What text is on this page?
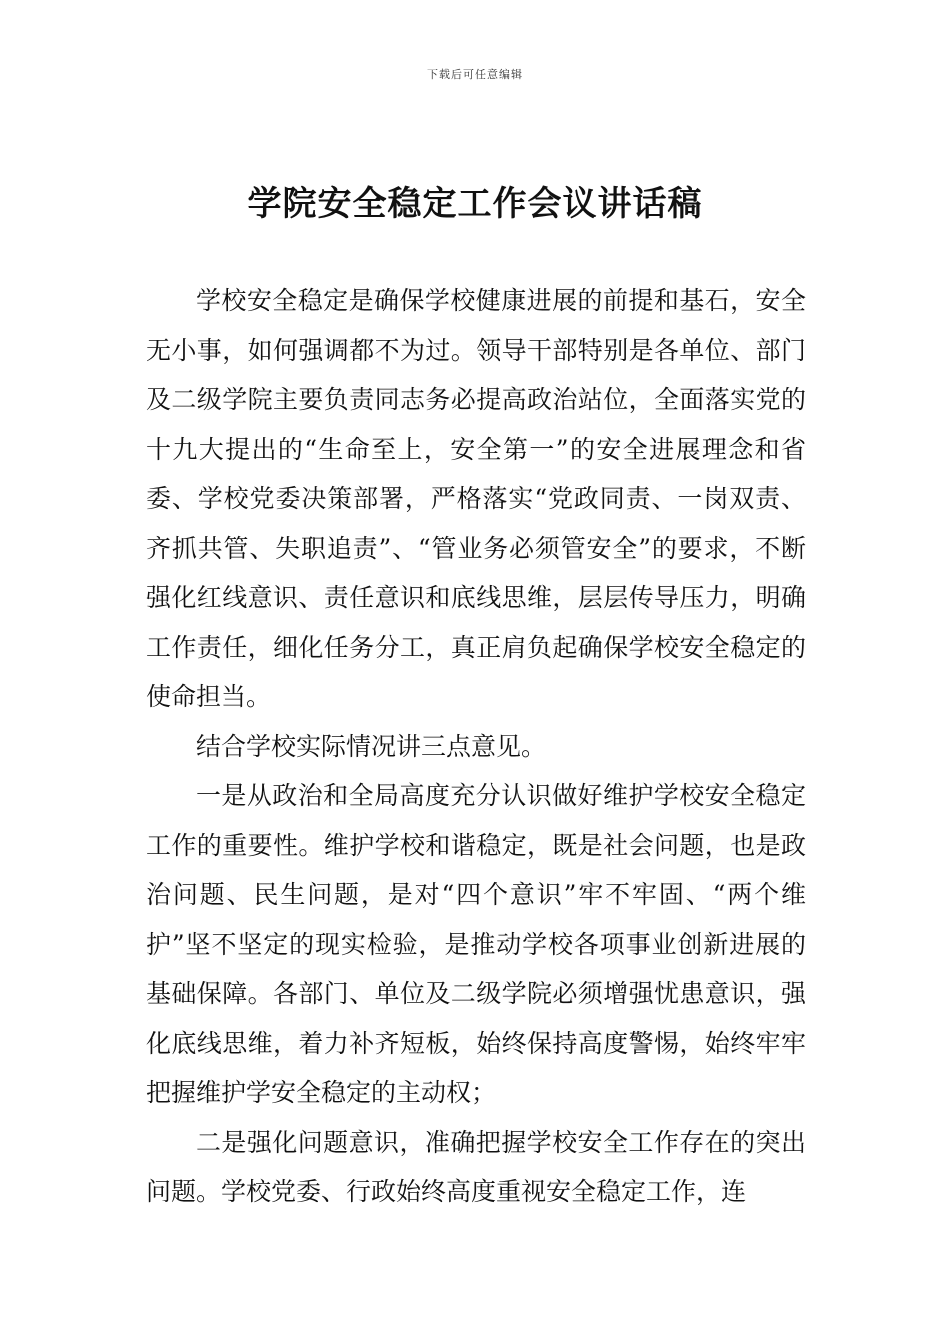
下载后可任意编辑
学院安全稳定工作会议讲话稿

学校安全稳定是确保学校健康进展的前提和基石，安全无小事，如何强调都不为过。领导干部特别是各单位、部门及二级学院主要负责同志务必提高政治站位，全面落实党的十九大提出的“生命至上，安全第一”的安全进展理念和省委、学校党委决策部署，严格落实“党政同责、一岗双责、齐抓共管、失职追责”、“管业务必须管安全”的要求，不断强化红线意识、责任意识和底线思维，层层传导压力，明确工作责任，细化任务分工，真正肩负起确保学校安全稳定的使命担当。

结合学校实际情况讲三点意见。

一是从政治和全局高度充分认识做好维护学校安全稳定工作的重要性。维护学校和谐稳定，既是社会问题，也是政治问题、民生问题，是对“四个意识”牢不牢固、“两个维护”坚不坚定的现实检验，是推动学校各项事业创新进展的基础保障。各部门、单位及二级学院必须增强忧患意识，强化底线思维，着力补齐短板，始终保持高度警惕，始终牢牢把握维护学安全稳定的主动权；

二是强化问题意识，准确把握学校安全工作存在的突出问题。学校党委、行政始终高度重视安全稳定工作，连
